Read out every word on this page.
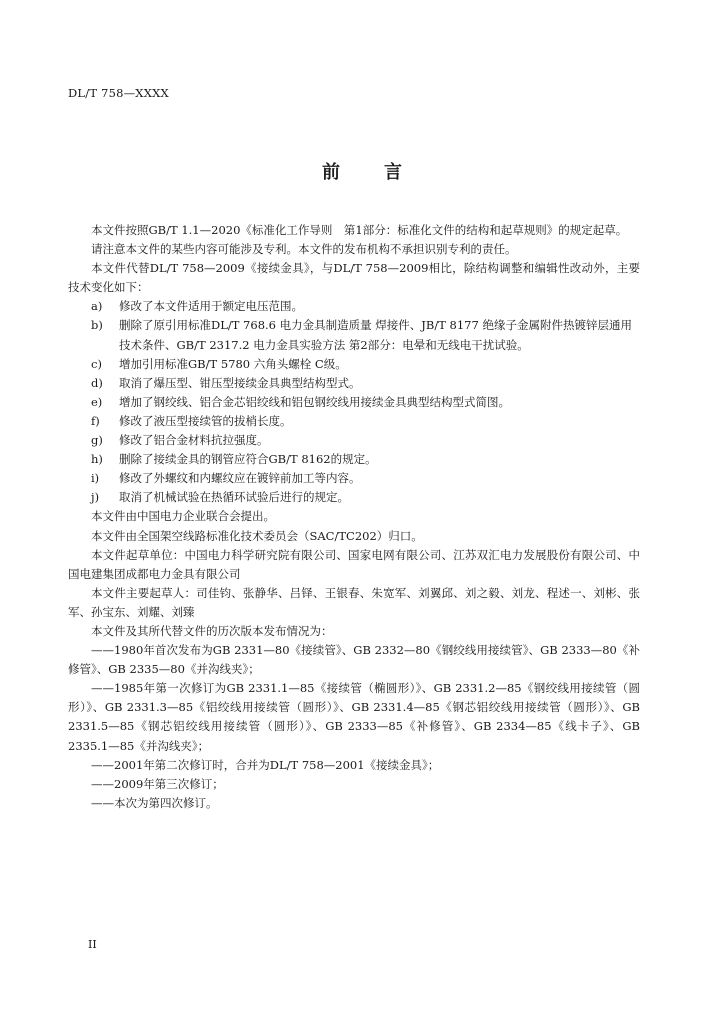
DL/T 758—XXXX
前 言

本文件按照GB/T 1.1—2020《标准化工作导则　第1部分：标准化文件的结构和起草规则》的规定起草。

请注意本文件的某些内容可能涉及专利。本文件的发布机构不承担识别专利的责任。

本文件代替DL/T 758—2009《接续金具》，与DL/T 758—2009相比，除结构调整和编辑性改动外，主要技术变化如下：

a)	修改了本文件适用于额定电压范围。
b)	删除了原引用标准DL/T 768.6 电力金具制造质量 焊接件、JB/T 8177 绝缘子金属附件热镀锌层通用技术条件、GB/T 2317.2 电力金具实验方法 第2部分：电晕和无线电干扰试验。
c)	增加引用标准GB/T 5780 六角头螺栓 C级。
d)	取消了爆压型、钳压型接续金具典型结构型式。
e)	增加了钢绞线、铝合金芯铝绞线和铝包钢绞线用接续金具典型结构型式简图。
f)	修改了液压型接续管的拔梢长度。
g)	修改了铝合金材料抗拉强度。
h)	删除了接续金具的钢管应符合GB/T 8162的规定。
i)	修改了外螺纹和内螺纹应在镀锌前加工等内容。
j)	取消了机械试验在热循环试验后进行的规定。

本文件由中国电力企业联合会提出。

本文件由全国架空线路标准化技术委员会（SAC/TC202）归口。

本文件起草单位：中国电力科学研究院有限公司、国家电网有限公司、江苏双汇电力发展股份有限公司、中国电建集团成都电力金具有限公司

本文件主要起草人：司佳钧、张静华、吕铎、王银春、朱宽军、刘翼邱、刘之毅、刘龙、程述一、刘彬、张军、孙宝东、刘耀、刘臻

本文件及其所代替文件的历次版本发布情况为：

——1980年首次发布为GB 2331—80《接续管》、GB 2332—80《钢绞线用接续管》、GB 2333—80《补修管》、GB 2335—80《并沟线夹》；

——1985年第一次修订为GB 2331.1—85《接续管（椭圆形）》、GB 2331.2—85《钢绞线用接续管（圆形）》、GB 2331.3—85《铝绞线用接续管（圆形）》、GB 2331.4—85《钢芯铝绞线用接续管（圆形）》、GB 2331.5—85《钢芯铝绞线用接续管（圆形）》、GB 2333—85《补修管》、GB 2334—85《线卡子》、GB 2335.1—85《并沟线夹》；

——2001年第二次修订时，合并为DL/T 758—2001《接续金具》；

——2009年第三次修订；

——本次为第四次修订。

II
